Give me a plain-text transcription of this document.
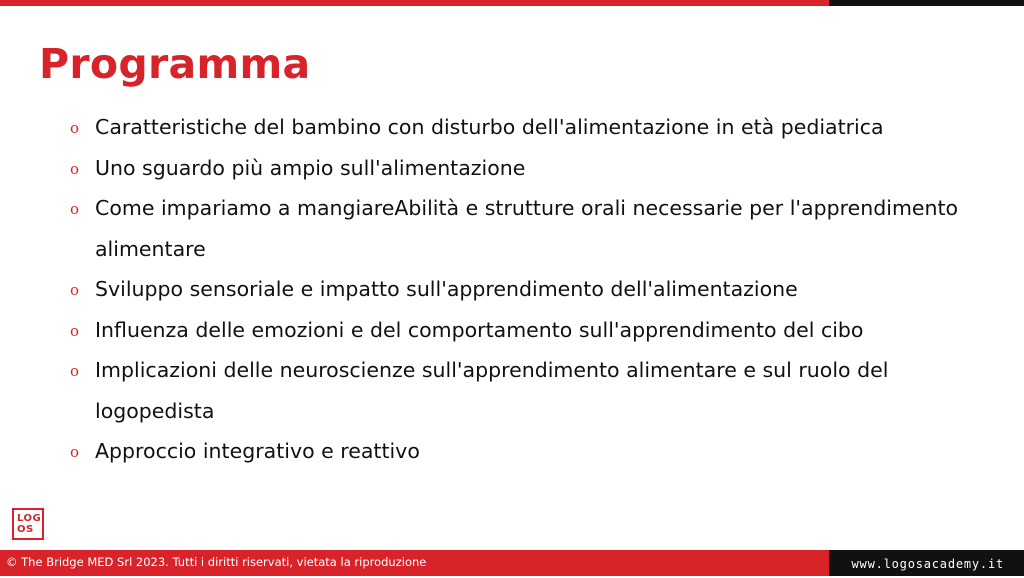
Programma
o Caratteristiche del bambino con disturbo dell'alimentazione in età pediatrica
o Uno sguardo più ampio sull'alimentazione
o Come impariamo a mangiareAbilità e strutture orali necessarie per l'apprendimento alimentare
o Sviluppo sensoriale e impatto sull'apprendimento dell'alimentazione
o Influenza delle emozioni e del comportamento sull'apprendimento del cibo
o Implicazioni delle neuroscienze sull'apprendimento alimentare e sul ruolo del logopedista
o Approccio integrativo e reattivo
LOG
OS
© The Bridge MED Srl 2023. Tutti i diritti riservati, vietata la riproduzione	www.logosacademy.it
